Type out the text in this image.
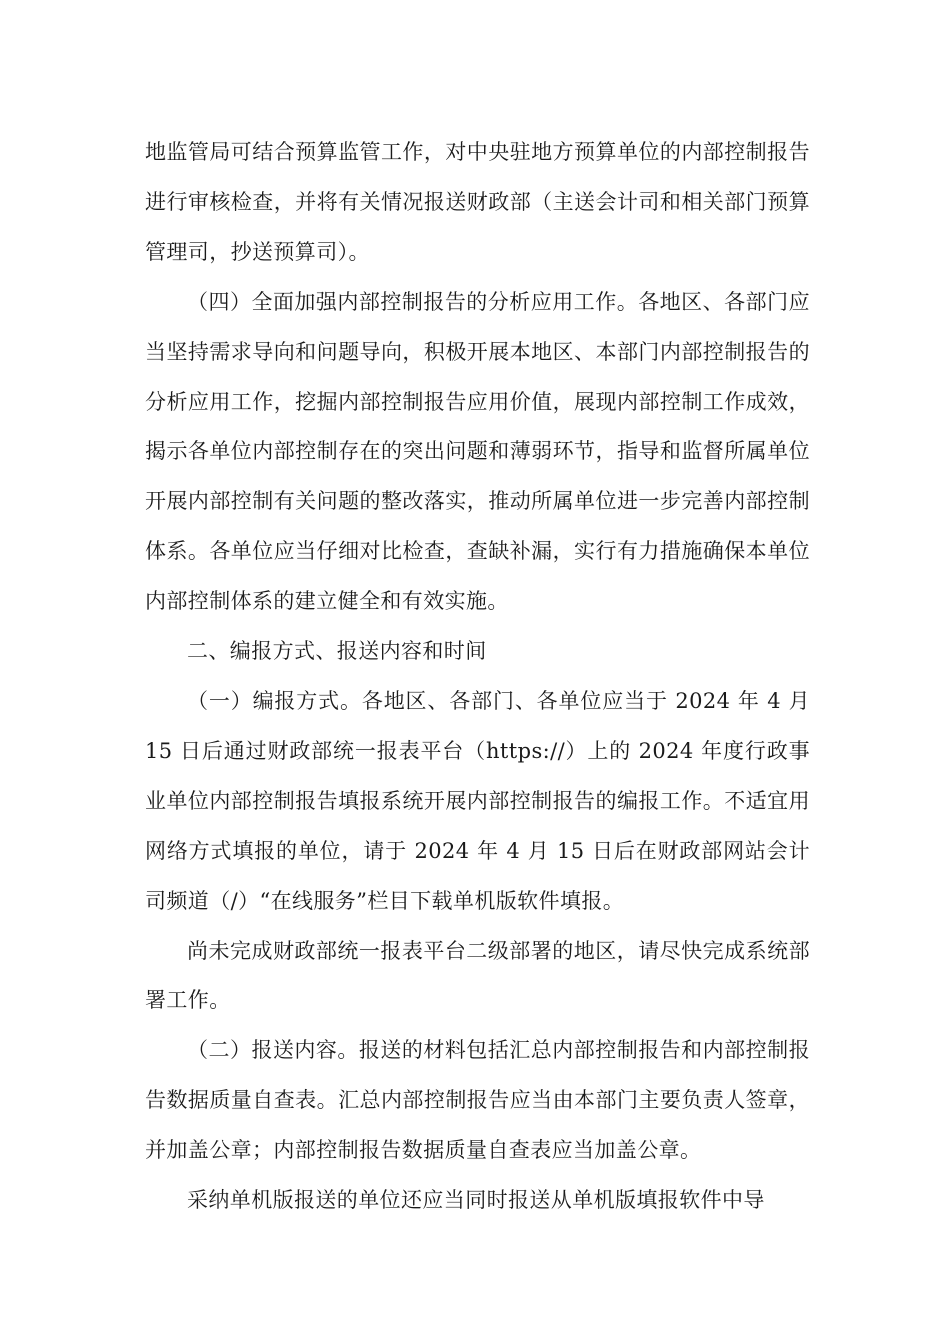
地监管局可结合预算监管工作，对中央驻地方预算单位的内部控制报告进行审核检查，并将有关情况报送财政部（主送会计司和相关部门预算管理司，抄送预算司）。

（四）全面加强内部控制报告的分析应用工作。各地区、各部门应当坚持需求导向和问题导向，积极开展本地区、本部门内部控制报告的分析应用工作，挖掘内部控制报告应用价值，展现内部控制工作成效，揭示各单位内部控制存在的突出问题和薄弱环节，指导和监督所属单位开展内部控制有关问题的整改落实，推动所属单位进一步完善内部控制体系。各单位应当仔细对比检查，查缺补漏，实行有力措施确保本单位内部控制体系的建立健全和有效实施。

二、编报方式、报送内容和时间

（一）编报方式。各地区、各部门、各单位应当于 2024 年 4 月15 日后通过财政部统一报表平台（https://）上的 2024 年度行政事业单位内部控制报告填报系统开展内部控制报告的编报工作。不适宜用网络方式填报的单位，请于 2024 年 4 月 15 日后在财政部网站会计司频道（/）“在线服务”栏目下载单机版软件填报。

尚未完成财政部统一报表平台二级部署的地区，请尽快完成系统部署工作。

（二）报送内容。报送的材料包括汇总内部控制报告和内部控制报告数据质量自查表。汇总内部控制报告应当由本部门主要负责人签章，并加盖公章；内部控制报告数据质量自查表应当加盖公章。

采纳单机版报送的单位还应当同时报送从单机版填报软件中导
